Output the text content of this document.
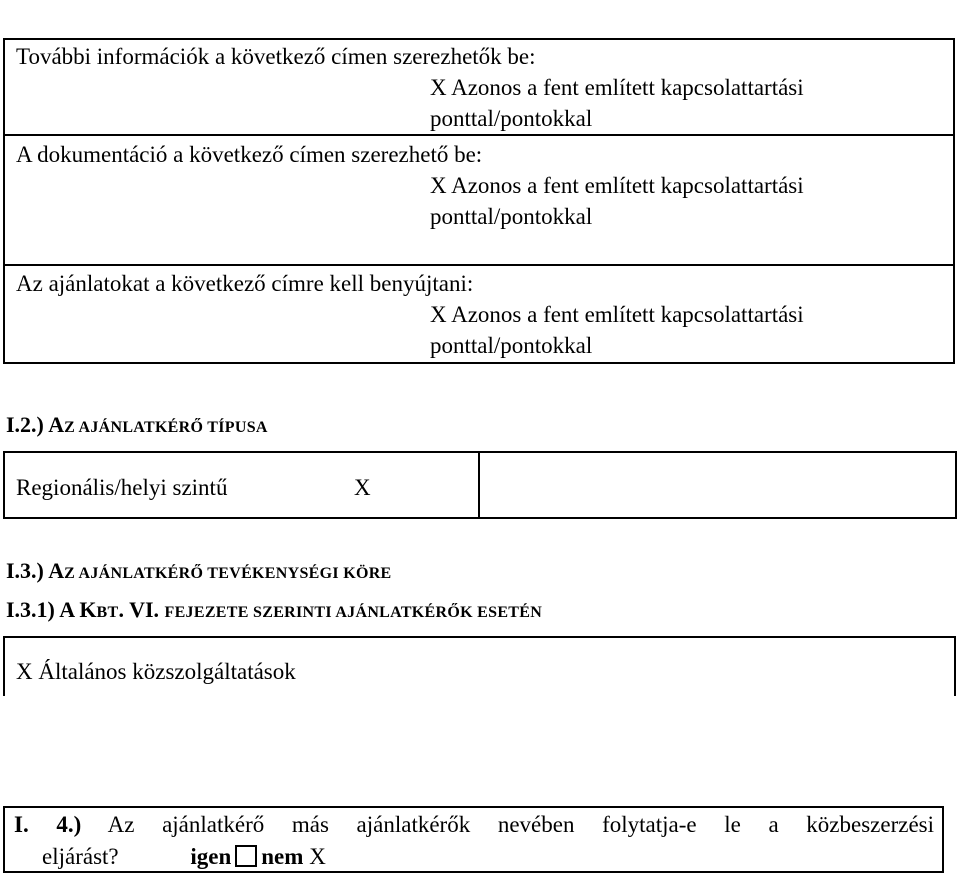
További információk a következő címen szerezhetők be:
X Azonos a fent említett kapcsolattartási
ponttal/pontokkal
A dokumentáció a következő címen szerezhető be:
X Azonos a fent említett kapcsolattartási
ponttal/pontokkal
Az ajánlatokat a következő címre kell benyújtani:
X Azonos a fent említett kapcsolattartási
ponttal/pontokkal
I.2.) AZ AJÁNLATKÉRŐ TÍPUSA
Regionális/helyi szintű	X
I.3.) AZ AJÁNLATKÉRŐ TEVÉKENYSÉGI KÖRE
I.3.1) A KBT. VI. FEJEZETE SZERINTI AJÁNLATKÉRŐK ESETÉN
X Általános közszolgáltatások
I. 4.) Az ajánlatkérő más ajánlatkérők nevében folytatja-e le a közbeszerzési
eljárást?	igen nem X
